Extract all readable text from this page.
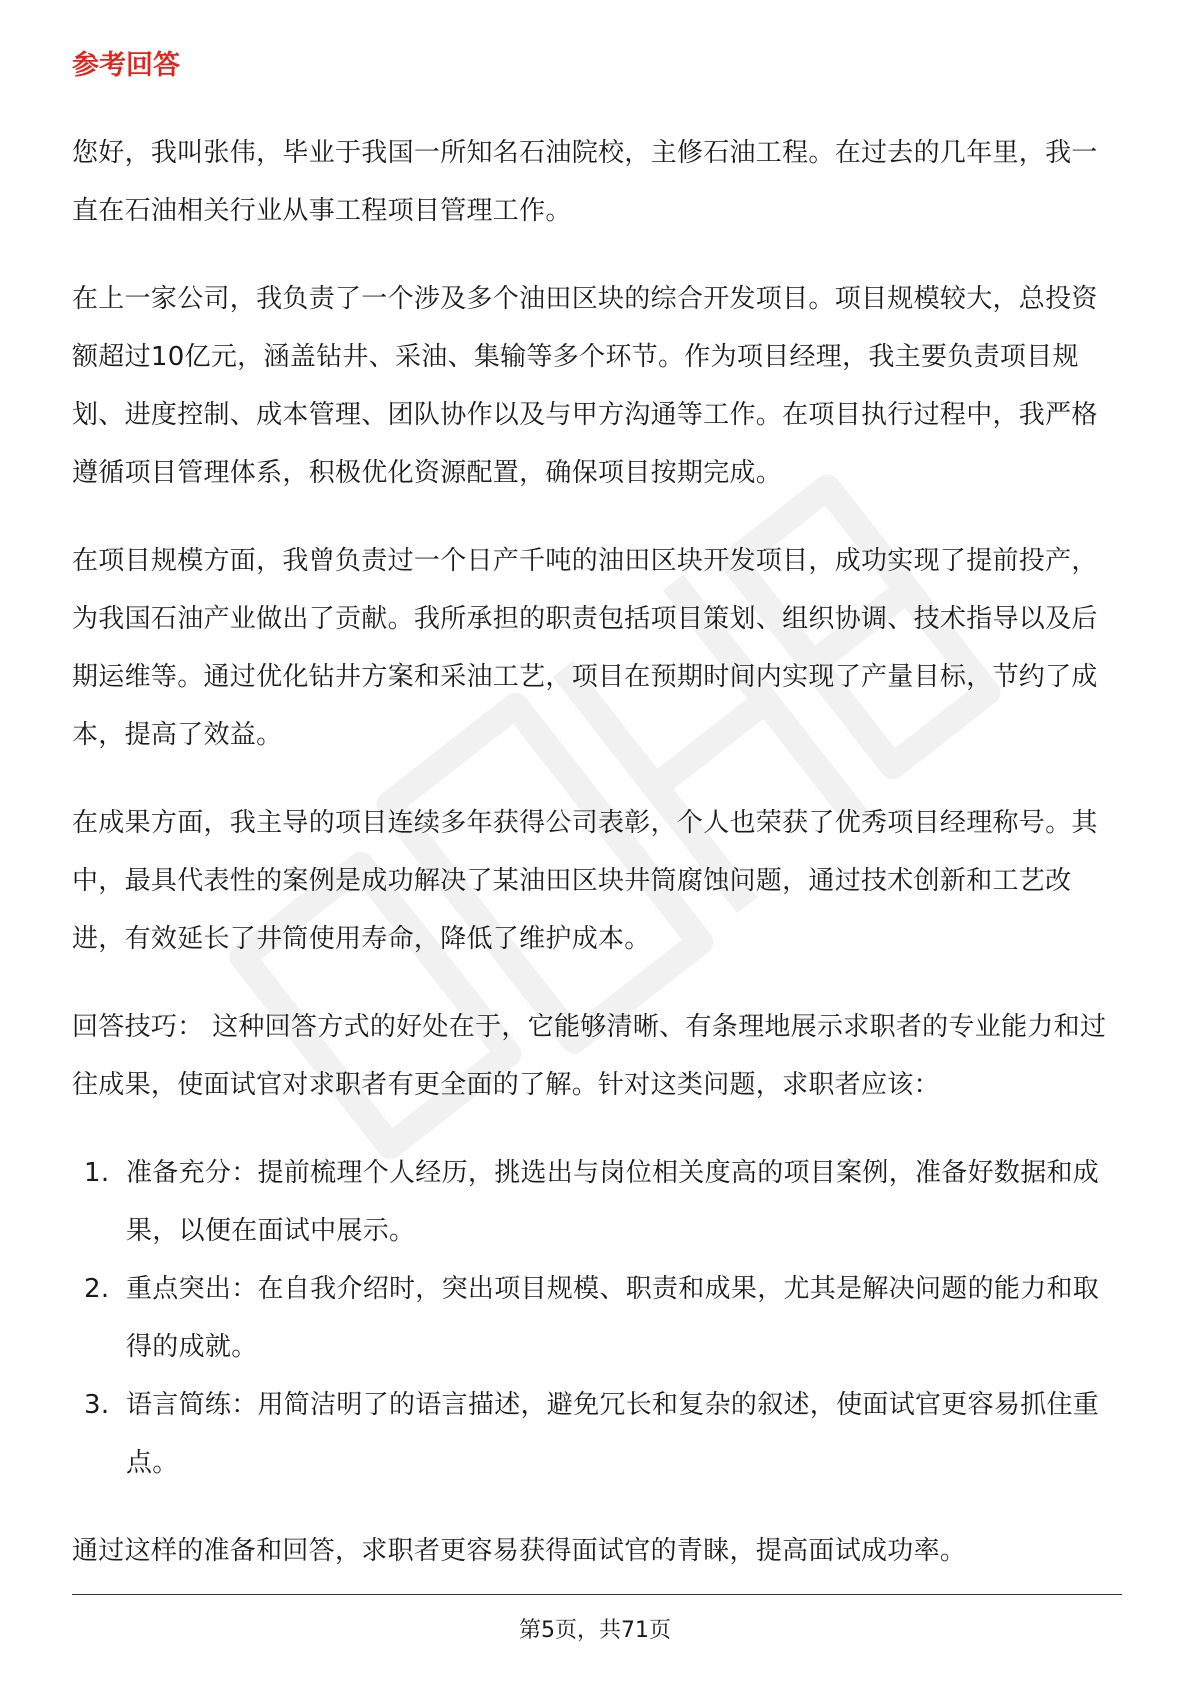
参考回答

您好，我叫张伟，毕业于我国一所知名石油院校，主修石油工程。在过去的几年里，我一直在石油相关行业从事工程项目管理工作。

在上一家公司，我负责了一个涉及多个油田区块的综合开发项目。项目规模较大，总投资额超过10亿元，涵盖钻井、采油、集输等多个环节。作为项目经理，我主要负责项目规划、进度控制、成本管理、团队协作以及与甲方沟通等工作。在项目执行过程中，我严格遵循项目管理体系，积极优化资源配置，确保项目按期完成。

在项目规模方面，我曾负责过一个日产千吨的油田区块开发项目，成功实现了提前投产，为我国石油产业做出了贡献。我所承担的职责包括项目策划、组织协调、技术指导以及后期运维等。通过优化钻井方案和采油工艺，项目在预期时间内实现了产量目标，节约了成本，提高了效益。

在成果方面，我主导的项目连续多年获得公司表彰，个人也荣获了优秀项目经理称号。其中，最具代表性的案例是成功解决了某油田区块井筒腐蚀问题，通过技术创新和工艺改进，有效延长了井筒使用寿命，降低了维护成本。

回答技巧： 这种回答方式的好处在于，它能够清晰、有条理地展示求职者的专业能力和过往成果，使面试官对求职者有更全面的了解。针对这类问题，求职者应该：

1. 准备充分：提前梳理个人经历，挑选出与岗位相关度高的项目案例，准备好数据和成果，以便在面试中展示。
2. 重点突出：在自我介绍时，突出项目规模、职责和成果，尤其是解决问题的能力和取得的成就。
3. 语言简练：用简洁明了的语言描述，避免冗长和复杂的叙述，使面试官更容易抓住重点。

通过这样的准备和回答，求职者更容易获得面试官的青睐，提高面试成功率。

第5页，共71页
